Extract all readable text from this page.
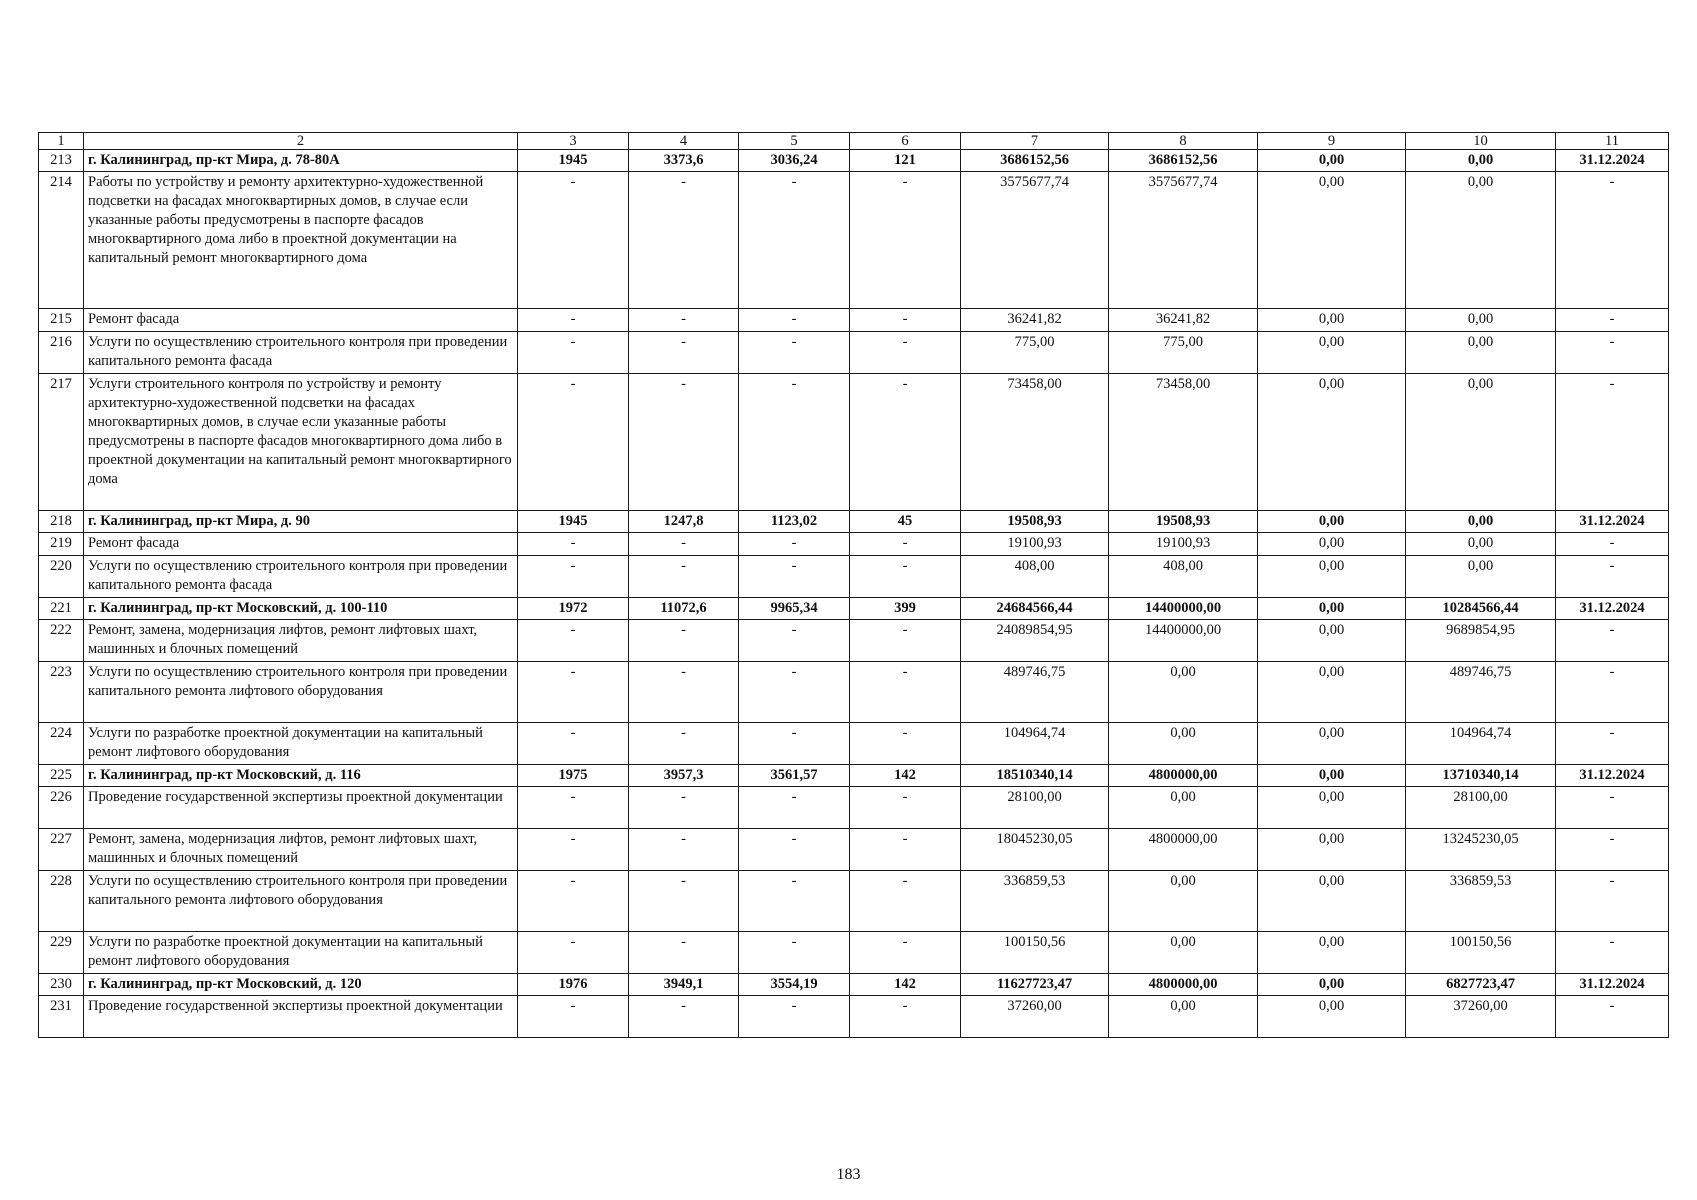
1	2	3	4	5	6	7	8	9	10	11
213	г. Калининград, пр-кт Мира, д. 78-80А	1945	3373,6	3036,24	121	3686152,56	3686152,56	0,00	0,00	31.12.2024
214	Работы по устройству и ремонту архитектурно-художественной подсветки на фасадах многоквартирных домов, в случае если указанные работы предусмотрены в паспорте фасадов многоквартирного дома либо в проектной документации на капитальный ремонт многоквартирного дома	-	-	-	-	3575677,74	3575677,74	0,00	0,00	-
215	Ремонт фасада	-	-	-	-	36241,82	36241,82	0,00	0,00	-
216	Услуги по осуществлению строительного контроля при проведении капитального ремонта фасада	-	-	-	-	775,00	775,00	0,00	0,00	-
217	Услуги строительного контроля по устройству и ремонту архитектурно-художественной подсветки на фасадах многоквартирных домов, в случае если указанные работы предусмотрены в паспорте фасадов многоквартирного дома либо в проектной документации на капитальный ремонт многоквартирного дома	-	-	-	-	73458,00	73458,00	0,00	0,00	-
218	г. Калининград, пр-кт Мира, д. 90	1945	1247,8	1123,02	45	19508,93	19508,93	0,00	0,00	31.12.2024
219	Ремонт фасада	-	-	-	-	19100,93	19100,93	0,00	0,00	-
220	Услуги по осуществлению строительного контроля при проведении капитального ремонта фасада	-	-	-	-	408,00	408,00	0,00	0,00	-
221	г. Калининград, пр-кт Московский, д. 100-110	1972	11072,6	9965,34	399	24684566,44	14400000,00	0,00	10284566,44	31.12.2024
222	Ремонт, замена, модернизация лифтов, ремонт лифтовых шахт, машинных и блочных помещений	-	-	-	-	24089854,95	14400000,00	0,00	9689854,95	-
223	Услуги по осуществлению строительного контроля при проведении капитального ремонта лифтового оборудования	-	-	-	-	489746,75	0,00	0,00	489746,75	-
224	Услуги по разработке проектной документации на капитальный ремонт лифтового оборудования	-	-	-	-	104964,74	0,00	0,00	104964,74	-
225	г. Калининград, пр-кт Московский, д. 116	1975	3957,3	3561,57	142	18510340,14	4800000,00	0,00	13710340,14	31.12.2024
226	Проведение государственной экспертизы проектной документации	-	-	-	-	28100,00	0,00	0,00	28100,00	-
227	Ремонт, замена, модернизация лифтов, ремонт лифтовых шахт, машинных и блочных помещений	-	-	-	-	18045230,05	4800000,00	0,00	13245230,05	-
228	Услуги по осуществлению строительного контроля при проведении капитального ремонта лифтового оборудования	-	-	-	-	336859,53	0,00	0,00	336859,53	-
229	Услуги по разработке проектной документации на капитальный ремонт лифтового оборудования	-	-	-	-	100150,56	0,00	0,00	100150,56	-
230	г. Калининград, пр-кт Московский, д. 120	1976	3949,1	3554,19	142	11627723,47	4800000,00	0,00	6827723,47	31.12.2024
231	Проведение государственной экспертизы проектной документации	-	-	-	-	37260,00	0,00	0,00	37260,00	-
183
